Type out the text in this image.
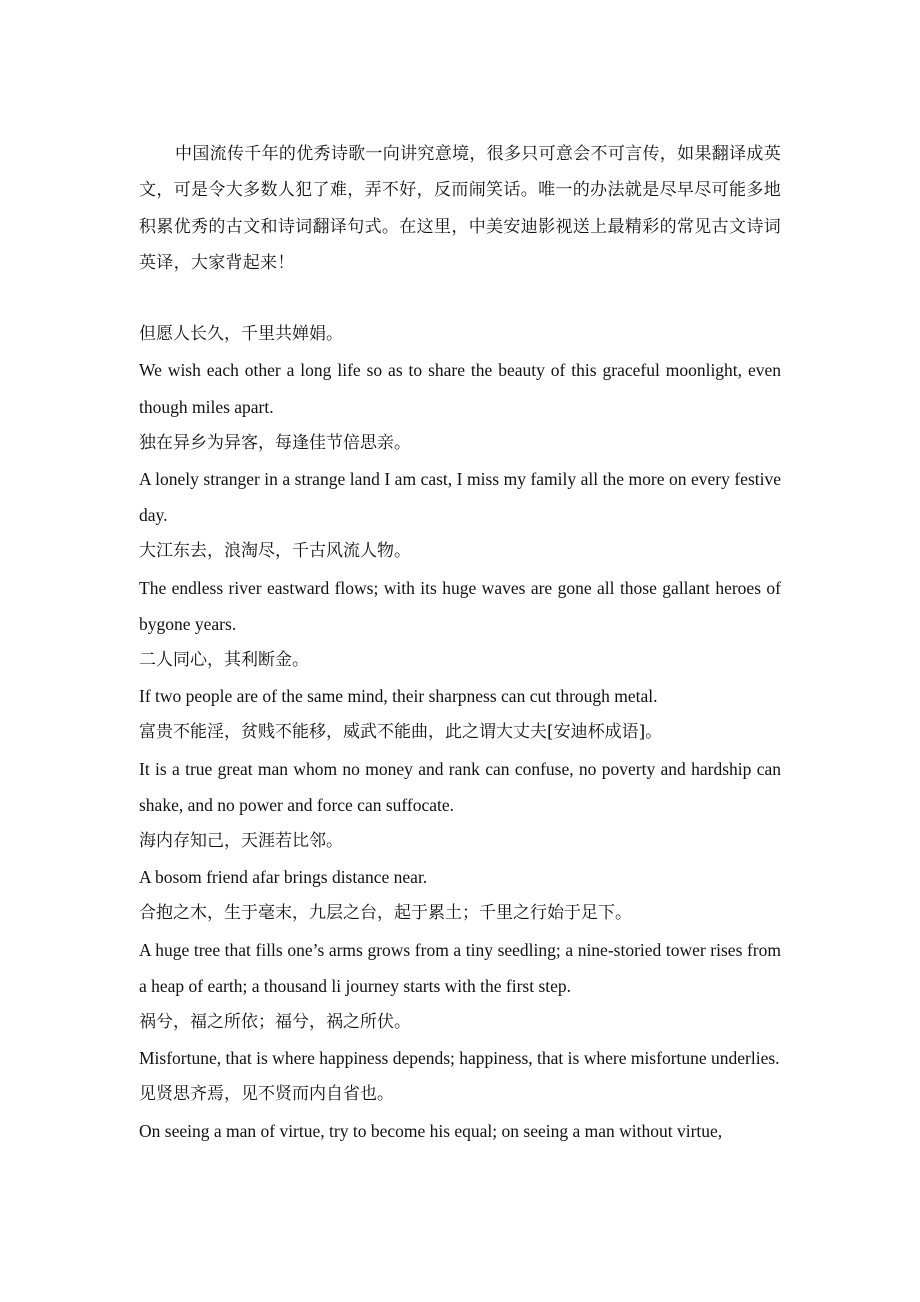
中国流传千年的优秀诗歌一向讲究意境，很多只可意会不可言传，如果翻译成英文，可是令大多数人犯了难，弄不好，反而闹笑话。唯一的办法就是尽早尽可能多地积累优秀的古文和诗词翻译句式。在这里，中美安迪影视送上最精彩的常见古文诗词英译，大家背起来！

但愿人长久，千里共婵娟。

We wish each other a long life so as to share the beauty of this graceful moonlight, even though miles apart.

独在异乡为异客，每逢佳节倍思亲。

A lonely stranger in a strange land I am cast, I miss my family all the more on every festive day.

大江东去，浪淘尽，千古风流人物。

The endless river eastward flows; with its huge waves are gone all those gallant heroes of bygone years.

二人同心，其利断金。

If two people are of the same mind, their sharpness can cut through metal.

富贵不能淫，贫贱不能移，威武不能曲，此之谓大丈夫[安迪杯成语]。

It is a true great man whom no money and rank can confuse, no poverty and hardship can shake, and no power and force can suffocate.

海内存知己，天涯若比邻。

A bosom friend afar brings distance near.

合抱之木，生于毫末，九层之台，起于累土；千里之行始于足下。

A huge tree that fills one’s arms grows from a tiny seedling; a nine-storied tower rises from a heap of earth; a thousand li journey starts with the first step.

祸兮，福之所依；福兮，祸之所伏。

Misfortune, that is where happiness depends; happiness, that is where misfortune underlies.

见贤思齐焉，见不贤而内自省也。

On seeing a man of virtue, try to become his equal; on seeing a man without virtue,
